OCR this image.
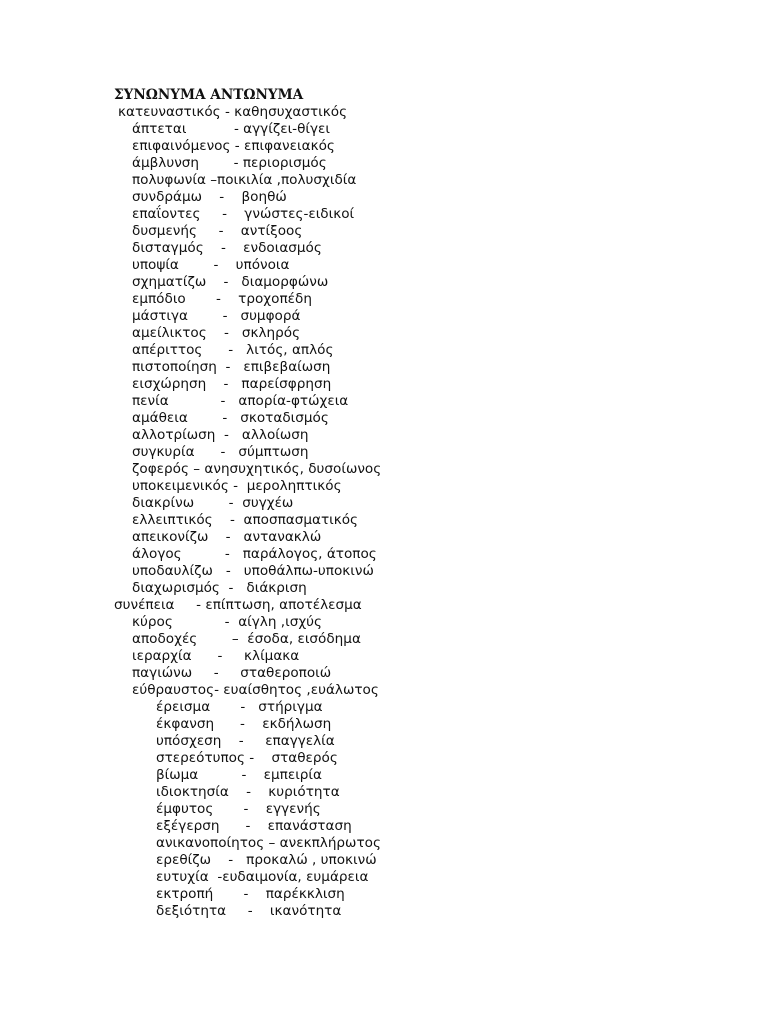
ΣΥΝΩΝΥΜΑ ΑΝΤΩΝΥΜΑ
κατευναστικός - καθησυχαστικός
άπτεται           - αγγίζει-θίγει
επιφαινόμενος - επιφανειακός
άμβλυνση        - περιορισμός
πολυφωνία –ποικιλία ,πολυσχιδία
συνδράμω    -    βοηθώ
επαΐοντες     -    γνώστες-ειδικοί
δυσμενής     -    αντίξοος
δισταγμός    -    ενδοιασμός
υποψία        -    υπόνοια
σχηματίζω    -   διαμορφώνω
εμπόδιο       -    τροχοπέδη
μάστιγα        -   συμφορά
αμείλικτος    -   σκληρός
απέριττος      -   λιτός, απλός
πιστοποίηση  -   επιβεβαίωση
εισχώρηση    -   παρείσφρηση
πενία            -   απορία-φτώχεια
αμάθεια        -   σκοταδισμός
αλλοτρίωση  -   αλλοίωση
συγκυρία      -   σύμπτωση
ζοφερός – ανησυχητικός, δυσοίωνος
υποκειμενικός -  μεροληπτικός
διακρίνω        -  συγχέω
ελλειπτικός    -  αποσπασματικός
απεικονίζω    -   αντανακλώ
άλογος          -   παράλογος, άτοπος
υποδαυλίζω   -   υποθάλπω-υποκινώ
διαχωρισμός  -   διάκριση
συνέπεια     - επίπτωση, αποτέλεσμα
κύρος            -  αίγλη ,ισχύς
αποδοχές        –  έσοδα, εισόδημα
ιεραρχία      -     κλίμακα
παγιώνω     -     σταθεροποιώ
εύθραυστος- ευαίσθητος ,ευάλωτος
έρεισμα       -   στήριγμα
έκφανση      -    εκδήλωση
υπόσχεση    -     επαγγελία
στερεότυπος -    σταθερός
βίωμα          -    εμπειρία
ιδιοκτησία    -    κυριότητα
έμφυτος       -    εγγενής
εξέγερση      -    επανάσταση
ανικανοποίητος – ανεκπλήρωτος
ερεθίζω    -   προκαλώ , υποκινώ
ευτυχία  -ευδαιμονία, ευμάρεια
εκτροπή       -    παρέκκλιση
δεξιότητα     -    ικανότητα
